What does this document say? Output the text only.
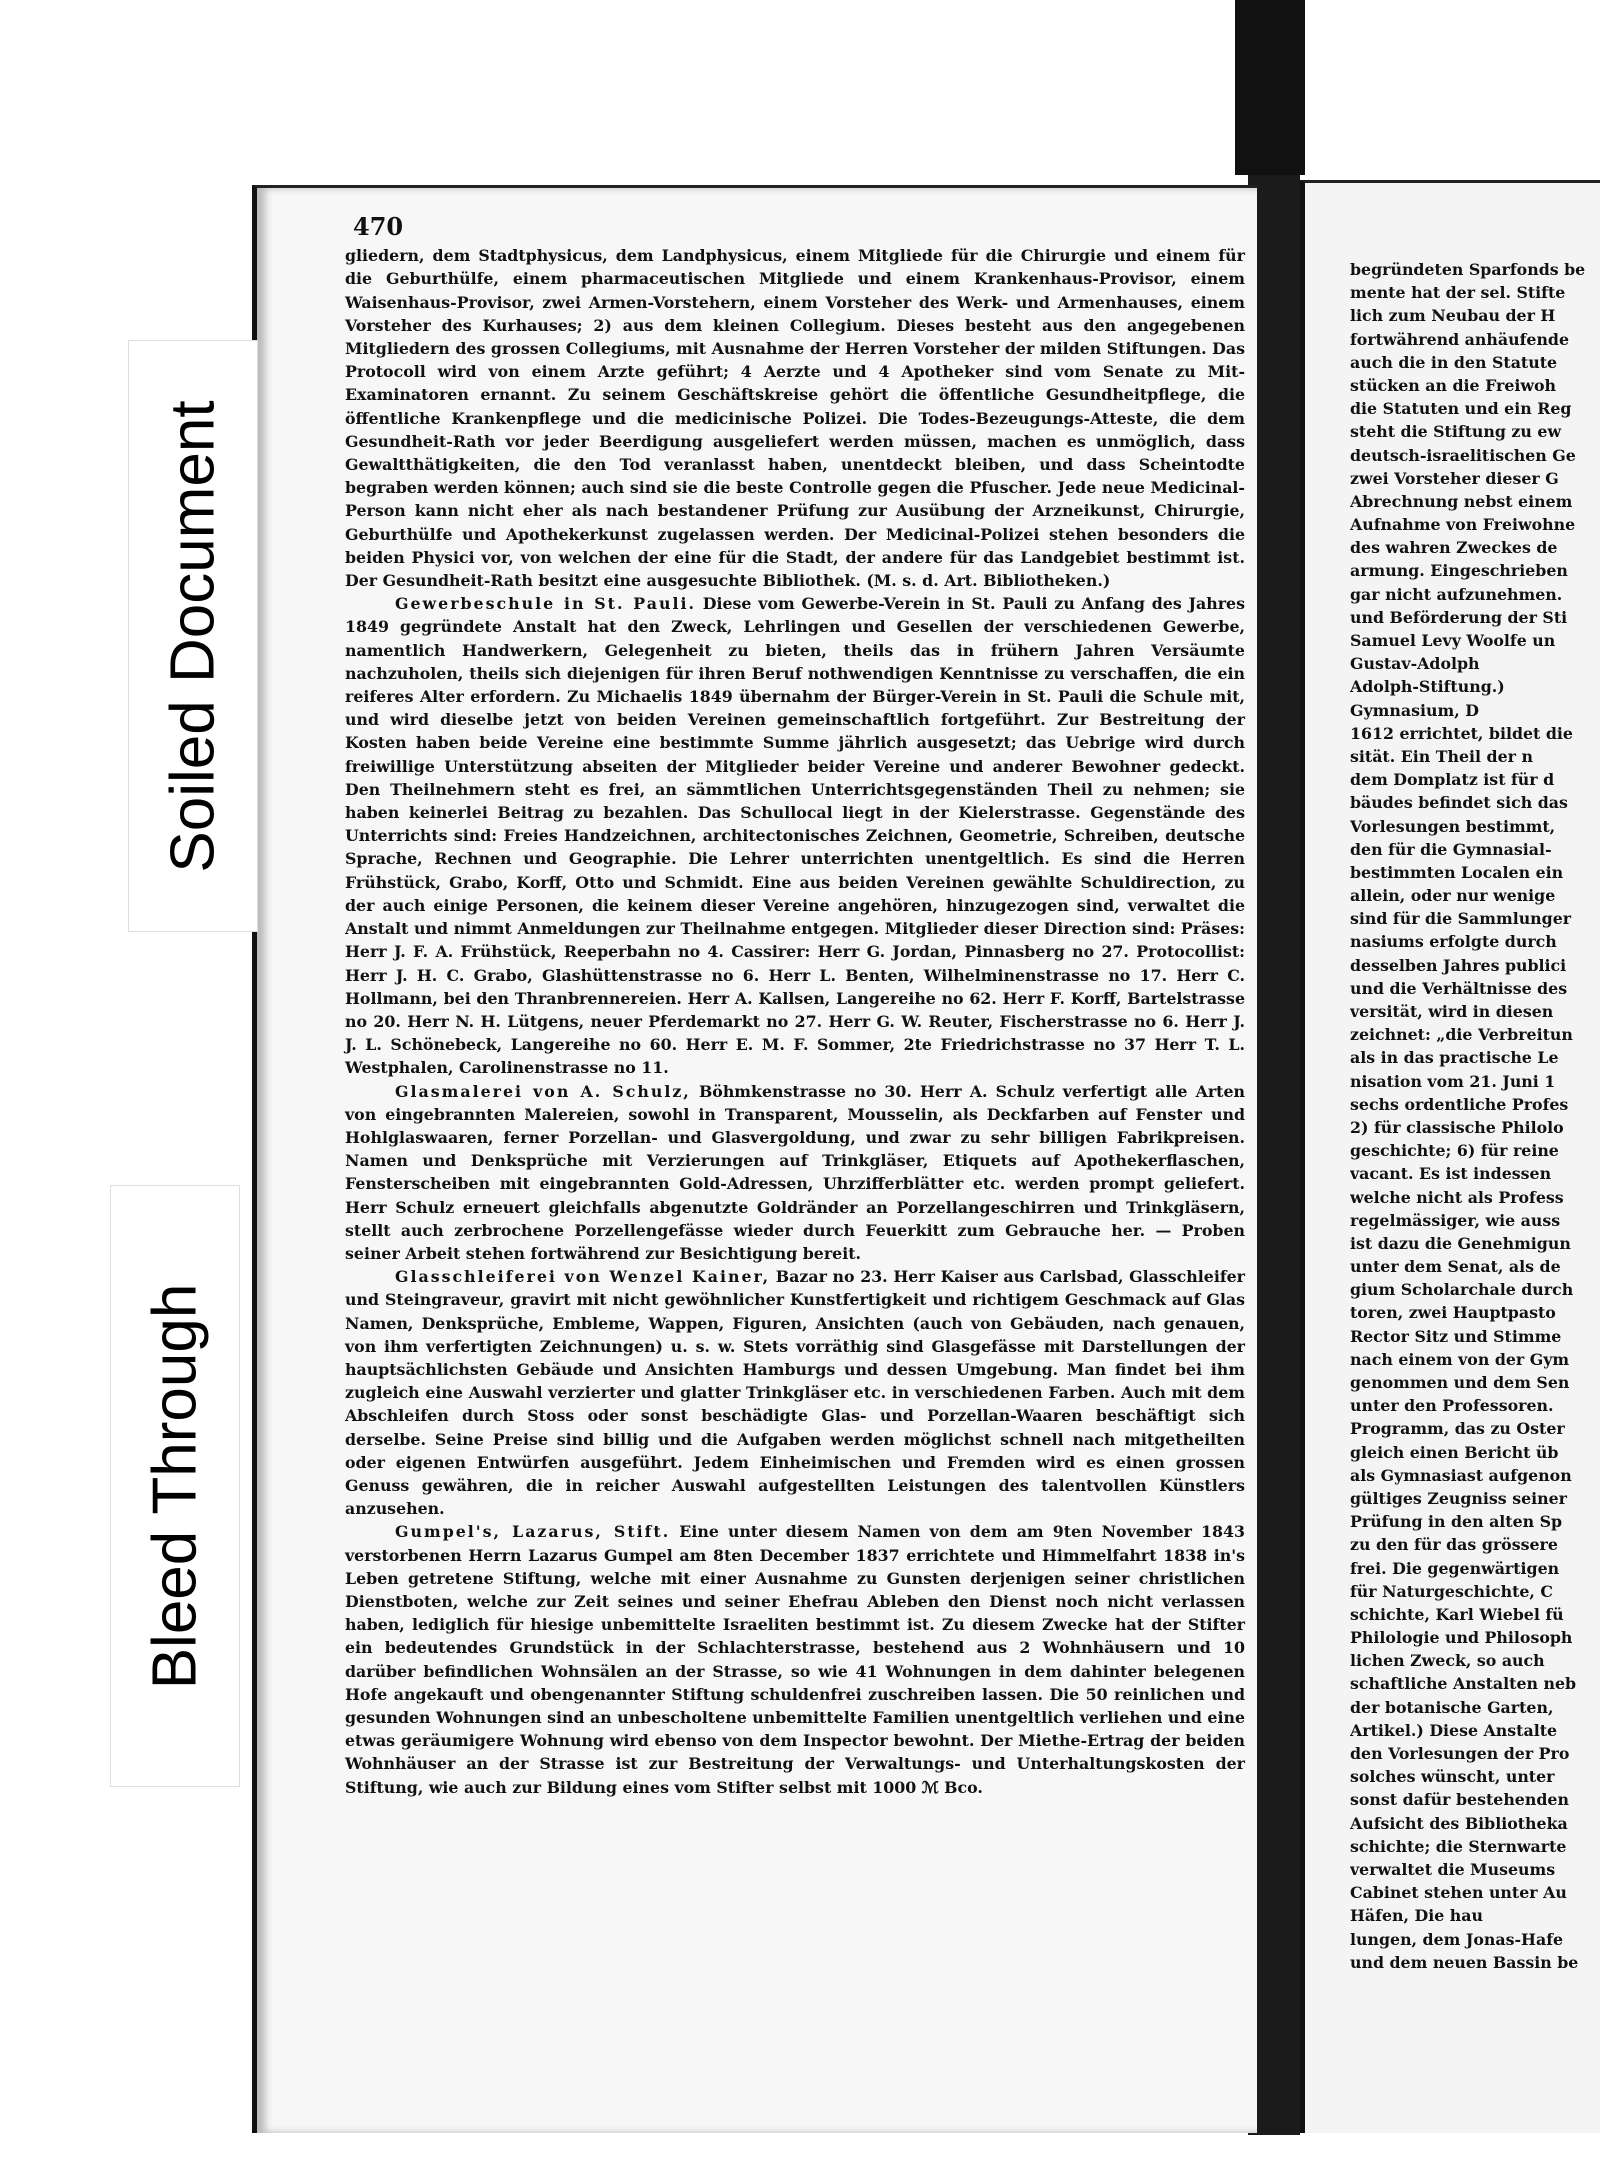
Soiled Document
Bleed Through
470

gliedern, dem Stadtphysicus, dem Landphysicus, einem Mitgliede für die Chirurgie und einem für die Geburthülfe, einem pharmaceutischen Mitgliede und einem Krankenhaus-Provisor, einem Waisenhaus-Provisor, zwei Armen-Vorstehern, einem Vorsteher des Werk- und Armenhauses, einem Vorsteher des Kurhauses; 2) aus dem kleinen Collegium. Dieses besteht aus den angegebenen Mitgliedern des grossen Collegiums, mit Ausnahme der Herren Vorsteher der milden Stiftungen. Das Protocoll wird von einem Arzte geführt; 4 Aerzte und 4 Apotheker sind vom Senate zu Mit-Examinatoren ernannt. Zu seinem Geschäftskreise gehört die öffentliche Gesundheitpflege, die öffentliche Krankenpflege und die medicinische Polizei. Die Todes-Bezeugungs-Atteste, die dem Gesundheit-Rath vor jeder Beerdigung ausgeliefert werden müssen, machen es unmöglich, dass Gewaltthätigkeiten, die den Tod veranlasst haben, unentdeckt bleiben, und dass Scheintodte begraben werden können; auch sind sie die beste Controlle gegen die Pfuscher. Jede neue Medicinal-Person kann nicht eher als nach bestandener Prüfung zur Ausübung der Arzneikunst, Chirurgie, Geburthülfe und Apothekerkunst zugelassen werden. Der Medicinal-Polizei stehen besonders die beiden Physici vor, von welchen der eine für die Stadt, der andere für das Landgebiet bestimmt ist. Der Gesundheit-Rath besitzt eine ausgesuchte Bibliothek. (M. s. d. Art. Bibliotheken.)

Gewerbeschule in St. Pauli. Diese vom Gewerbe-Verein in St. Pauli zu Anfang des Jahres 1849 gegründete Anstalt hat den Zweck, Lehrlingen und Gesellen der verschiedenen Gewerbe, namentlich Handwerkern, Gelegenheit zu bieten, theils das in frühern Jahren Versäumte nachzuholen, theils sich diejenigen für ihren Beruf nothwendigen Kenntnisse zu verschaffen, die ein reiferes Alter erfordern. Zu Michaelis 1849 übernahm der Bürger-Verein in St. Pauli die Schule mit, und wird dieselbe jetzt von beiden Vereinen gemeinschaftlich fortgeführt. Zur Bestreitung der Kosten haben beide Vereine eine bestimmte Summe jährlich ausgesetzt; das Uebrige wird durch freiwillige Unterstützung abseiten der Mitglieder beider Vereine und anderer Bewohner gedeckt. Den Theilnehmern steht es frei, an sämmtlichen Unterrichtsgegenständen Theil zu nehmen; sie haben keinerlei Beitrag zu bezahlen. Das Schullocal liegt in der Kielerstrasse. Gegenstände des Unterrichts sind: Freies Handzeichnen, architectonisches Zeichnen, Geometrie, Schreiben, deutsche Sprache, Rechnen und Geographie. Die Lehrer unterrichten unentgeltlich. Es sind die Herren Frühstück, Grabo, Korff, Otto und Schmidt. Eine aus beiden Vereinen gewählte Schuldirection, zu der auch einige Personen, die keinem dieser Vereine angehören, hinzugezogen sind, verwaltet die Anstalt und nimmt Anmeldungen zur Theilnahme entgegen. Mitglieder dieser Direction sind: Präses: Herr J. F. A. Frühstück, Reeperbahn no 4. Cassirer: Herr G. Jordan, Pinnasberg no 27. Protocollist: Herr J. H. C. Grabo, Glashüttenstrasse no 6. Herr L. Benten, Wilhelminenstrasse no 17. Herr C. Hollmann, bei den Thranbrennereien. Herr A. Kallsen, Langereihe no 62. Herr F. Korff, Bartelstrasse no 20. Herr N. H. Lütgens, neuer Pferdemarkt no 27. Herr G. W. Reuter, Fischerstrasse no 6. Herr J. J. L. Schönebeck, Langereihe no 60. Herr E. M. F. Sommer, 2te Friedrichstrasse no 37 Herr T. L. Westphalen, Carolinenstrasse no 11.

Glasmalerei von A. Schulz, Böhmkenstrasse no 30. Herr A. Schulz verfertigt alle Arten von eingebrannten Malereien, sowohl in Transparent, Mousselin, als Deckfarben auf Fenster und Hohlglaswaaren, ferner Porzellan- und Glasvergoldung, und zwar zu sehr billigen Fabrikpreisen. Namen und Denksprüche mit Verzierungen auf Trinkgläser, Etiquets auf Apothekerflaschen, Fensterscheiben mit eingebrannten Gold-Adressen, Uhrzifferblätter etc. werden prompt geliefert. Herr Schulz erneuert gleichfalls abgenutzte Goldränder an Porzellangeschirren und Trinkgläsern, stellt auch zerbrochene Porzellengefässe wieder durch Feuerkitt zum Gebrauche her. — Proben seiner Arbeit stehen fortwährend zur Besichtigung bereit.

Glasschleiferei von Wenzel Kainer, Bazar no 23. Herr Kaiser aus Carlsbad, Glasschleifer und Steingraveur, gravirt mit nicht gewöhnlicher Kunstfertigkeit und richtigem Geschmack auf Glas Namen, Denksprüche, Embleme, Wappen, Figuren, Ansichten (auch von Gebäuden, nach genauen, von ihm verfertigten Zeichnungen) u. s. w. Stets vorräthig sind Glasgefässe mit Darstellungen der hauptsächlichsten Gebäude und Ansichten Hamburgs und dessen Umgebung. Man findet bei ihm zugleich eine Auswahl verzierter und glatter Trinkgläser etc. in verschiedenen Farben. Auch mit dem Abschleifen durch Stoss oder sonst beschädigte Glas- und Porzellan-Waaren beschäftigt sich derselbe. Seine Preise sind billig und die Aufgaben werden möglichst schnell nach mitgetheilten oder eigenen Entwürfen ausgeführt. Jedem Einheimischen und Fremden wird es einen grossen Genuss gewähren, die in reicher Auswahl aufgestellten Leistungen des talentvollen Künstlers anzusehen.

Gumpel's, Lazarus, Stift. Eine unter diesem Namen von dem am 9ten November 1843 verstorbenen Herrn Lazarus Gumpel am 8ten December 1837 errichtete und Himmelfahrt 1838 in's Leben getretene Stiftung, welche mit einer Ausnahme zu Gunsten derjenigen seiner christlichen Dienstboten, welche zur Zeit seines und seiner Ehefrau Ableben den Dienst noch nicht verlassen haben, lediglich für hiesige unbemittelte Israeliten bestimmt ist. Zu diesem Zwecke hat der Stifter ein bedeutendes Grundstück in der Schlachterstrasse, bestehend aus 2 Wohnhäusern und 10 darüber befindlichen Wohnsälen an der Strasse, so wie 41 Wohnungen in dem dahinter belegenen Hofe angekauft und obengenannter Stiftung schuldenfrei zuschreiben lassen. Die 50 reinlichen und gesunden Wohnungen sind an unbescholtene unbemittelte Familien unentgeltlich verliehen und eine etwas geräumigere Wohnung wird ebenso von dem Inspector bewohnt. Der Miethe-Ertrag der beiden Wohnhäuser an der Strasse ist zur Bestreitung der Verwaltungs- und Unterhaltungskosten der Stiftung, wie auch zur Bildung eines vom Stifter selbst mit 1000 ℳ Bco.

begründeten Sparfonds be
mente hat der sel. Stifte
lich zum Neubau der H
fortwährend anhäufende
auch die in den Statute
stücken an die Freiwoh
die Statuten und ein Reg
steht die Stiftung zu ew
deutsch-israelitischen Ge
zwei Vorsteher dieser G
Abrechnung nebst einem
Aufnahme von Freiwohne
des wahren Zweckes de
armung. Eingeschrieben
gar nicht aufzunehmen.
und Beförderung der Sti
Samuel Levy Woolfe un
Gustav-Adolph
Adolph-Stiftung.)
Gymnasium, D
1612 errichtet, bildet die
sität. Ein Theil der n
dem Domplatz ist für d
bäudes befindet sich das
Vorlesungen bestimmt,
den für die Gymnasial-
bestimmten Localen ein
allein, oder nur wenige
sind für die Sammlunger
nasiums erfolgte durch
desselben Jahres publici
und die Verhältnisse des
versität, wird in diesen
zeichnet: „die Verbreitun
als in das practische Le
nisation vom 21. Juni 1
sechs ordentliche Profes
2) für classische Philolo
geschichte; 6) für reine
vacant. Es ist indessen
welche nicht als Profess
regelmässiger, wie auss
ist dazu die Genehmigun
unter dem Senat, als de
gium Scholarchale durch
toren, zwei Hauptpasto
Rector Sitz und Stimme
nach einem von der Gym
genommen und dem Sen
unter den Professoren.
Programm, das zu Oster
gleich einen Bericht üb
als Gymnasiast aufgenon
gültiges Zeugniss seiner
Prüfung in den alten Sp
zu den für das grössere
frei. Die gegenwärtigen
für Naturgeschichte, C
schichte, Karl Wiebel fü
Philologie und Philosoph
lichen Zweck, so auch
schaftliche Anstalten neb
der botanische Garten,
Artikel.) Diese Anstalte
den Vorlesungen der Pro
solches wünscht, unter
sonst dafür bestehenden
Aufsicht des Bibliotheka
schichte; die Sternwarte
verwaltet die Museums
Cabinet stehen unter Au
Häfen, Die hau
lungen, dem Jonas-Hafe
und dem neuen Bassin be
